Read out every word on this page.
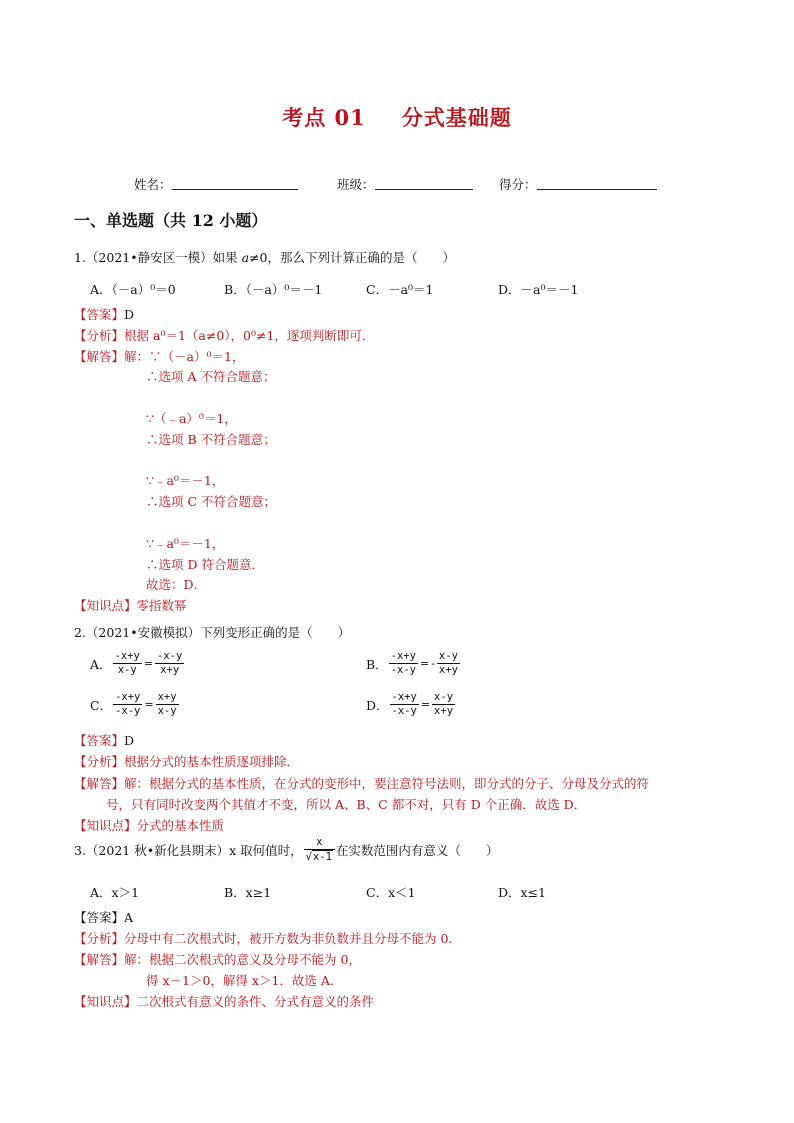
考点 01 分式基础题
姓名：	班级：	得分：
一、单选题（共 12 小题）
1.（2021•静安区一模）如果 a≠0，那么下列计算正确的是（　　）
A．（－a）⁰＝0	B．（－a）⁰＝－1	C．－a⁰＝1	D．－a⁰＝－1
【答案】D
【分析】根据 a⁰＝1（a≠0），0⁰≠1，逐项判断即可．
【解答】解：∵（－a）⁰＝1，
∴选项 A 不符合题意；
∵（﹣a）⁰＝1，
∴选项 B 不符合题意；
∵﹣a⁰＝－1，
∴选项 C 不符合题意；
∵﹣a⁰＝－1，
∴选项 D 符合题意．
故选：D．
【知识点】零指数幂
2.（2021•安徽模拟）下列变形正确的是（　　）
A． $\frac{-x+y}{x-y} = \frac{-x-y}{x+y}$	B． $\frac{-x+y}{-x-y}$ = - $\frac{x-y}{x+y}$
C． $\frac{-x+y}{-x-y} = \frac{x+y}{x-y}$	D． $\frac{-x+y}{-x-y} = \frac{x-y}{x+y}$
【答案】D
【分析】根据分式的基本性质逐项排除．
【解答】解：根据分式的基本性质，在分式的变形中，要注意符号法则，即分式的分子、分母及分式的符
号，只有同时改变两个其值才不变，所以 A、B、C 都不对，只有 D 个正确．故选 D．
【知识点】分式的基本性质
3.（2021 秋•新化县期末）x 取何值时， $\frac{x}{√x-1}$ 在实数范围内有意义（　　）
A．x＞1	B．x≥1	C．x＜1	D．x≤1
【答案】A
【分析】分母中有二次根式时，被开方数为非负数并且分母不能为 0．
【解答】解：根据二次根式的意义及分母不能为 0，
得 x－1＞0，解得 x＞1．故选 A．
【知识点】二次根式有意义的条件、分式有意义的条件
